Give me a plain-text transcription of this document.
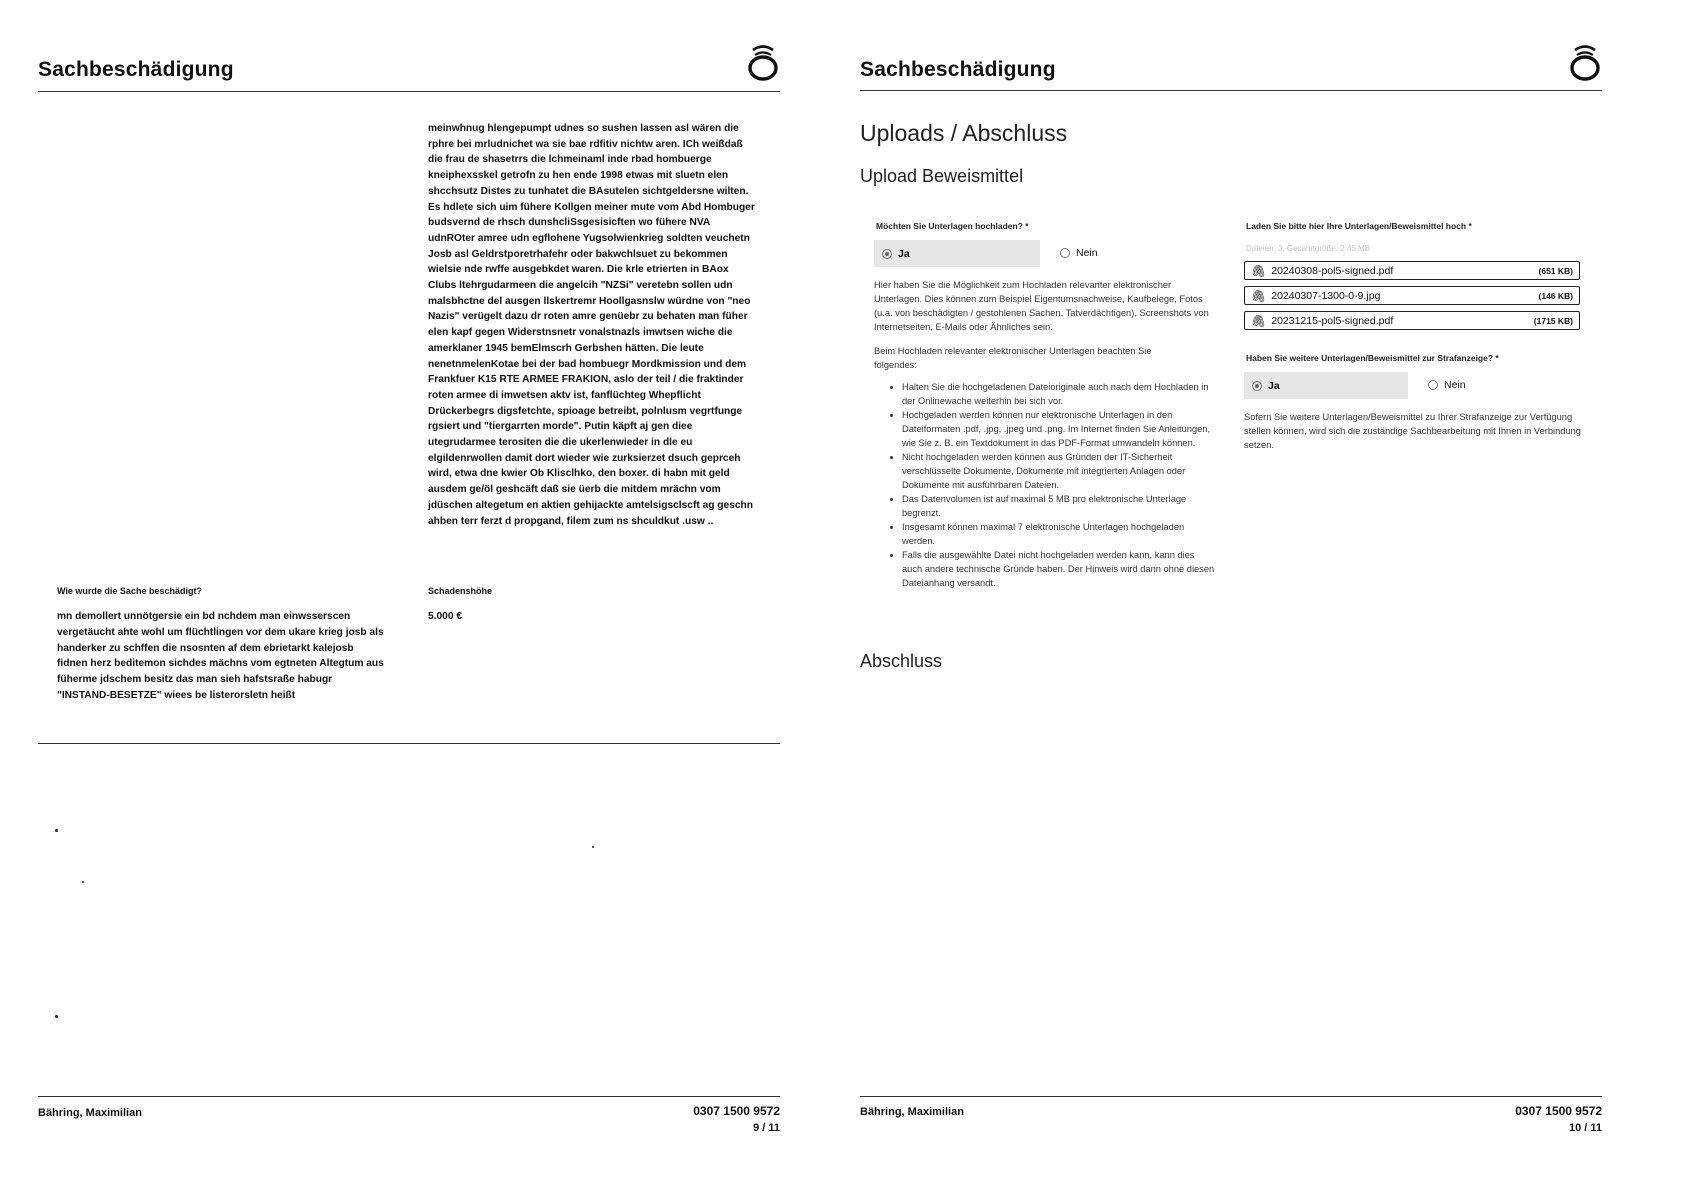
Sachbeschädigung
meinwhnug hlengepumpt udnes so sushen lassen asl wären die
rphre bei mrludnichet wa sie bae rdfitiv nichtw aren. ICh weißdaß
die frau de shasetrrs die lchmeinaml inde rbad hombuerge
kneiphexsskel getrofn zu hen ende 1998 etwas mit sluetn elen
shcchsutz Distes zu tunhatet die BAsutelen sichtgeldersne wilten.
Es hdlete sich uim fühere Kollgen meiner mute vom Abd Hombuger
budsvernd de rhsch dunshcliSsgesisicften wo fühere NVA
udnROter amree udn egflohene Yugsolwienkrieg soldten veuchetn
Josb asl Geldrstporetrhafehr oder bakwchlsuet zu bekommen
wielsie nde rwffe ausgebkdet waren. Die krle etrierten in BAox
Clubs ltehrgudarmeen die angelcih "NZSi" veretebn sollen udn
malsbhctne del ausgen llskertremr Hoollgasnslw würdne von "neo
Nazis" verügelt dazu dr roten amre genüebr zu behaten man füher
elen kapf gegen Widerstnsnetr vonalstnazls imwtsen wiche die
amerklaner 1945 bemElmscrh Gerbshen hätten. Die leute
nenetnmelenKotae bei der bad hombuegr Mordkmission und dem
Frankfuer K15 RTE ARMEE FRAKION, aslo der teil / die fraktinder
roten armee di imwetsen aktv ist, fanflüchteg Whepflicht
Drückerbegrs digsfetchte, spioage betreibt, polnlusm vegrtfunge
rgsiert und "tiergarrten morde". Putin käpft aj gen diee
utegrudarmee terositen die die ukerlenwieder in dle eu
elgildenrwollen damit dort wieder wie zurksierzet dsuch geprceh
wird, etwa dne kwier Ob Klisclhko, den boxer. di habn mit geld
ausdem ge/öl geshcäft daß sie üerb die mitdem mrächn vom
jdüschen altegetum en aktien gehijackte amtelsigsclscft ag geschn
ahben terr ferzt d propgand, filem zum ns shculdkut .usw ..
Wie wurde die Sache beschädigt?
mn demollert unnötgersie ein bd nchdem man einwsserscen
vergetäucht ahte wohl um flüchtlingen vor dem ukare krieg josb als
handerker zu schffen die nsosnten af dem ebrietarkt kalejosb
fidnen herz beditemon sichdes mächns vom egtneten Altegtum aus
füherme jdschem besitz das man sieh hafstsraße habugr
"INSTAND-BESETZE" wiees be listerorsletn heißt
Schadenshöhe
5.000 €
Bähring, Maximilian	0307 1500 9572
9 / 11
Sachbeschädigung
Uploads / Abschluss
Upload Beweismittel
Möchten Sie Unterlagen hochladen? *
Ja	Nein
Hier haben Sie die Möglichkeit zum Hochladen relevanter elektronischer Unterlagen. Dies können zum Beispiel Eigentumsnachweise, Kaufbelege, Fotos (u.a. von beschädigten / gestohlenen Sachen, Tatverdächtigen), Screenshots von Internetseiten, E-Mails oder Ähnliches sein.
Beim Hochladen relevanter elektronischer Unterlagen beachten Sie folgendes:
• Halten Sie die hochgeladenen Dateioriginale auch nach dem Hochladen in der Onlinewache weiterhin bei sich vor.
• Hochgeladen werden können nur elektronische Unterlagen in den Dateiformaten .pdf, .jpg, .jpeg und .png. Im Internet finden Sie Anleitungen, wie Sie z. B. ein Textdokument in das PDF-Format umwandeln können.
• Nicht hochgeladen werden können aus Gründen der IT-Sicherheit verschlüsselte Dokumente, Dokumente mit integrierten Anlagen oder Dokumente mit ausführbaren Dateien.
• Das Datenvolumen ist auf maximal 5 MB pro elektronische Unterlage begrenzt.
• Insgesamt können maximal 7 elektronische Unterlagen hochgeladen werden.
• Falls die ausgewählte Datei nicht hochgeladen werden kann, kann dies auch andere technische Gründe haben. Der Hinweis wird dann ohne diesen Dateianhang versandt.
Abschluss
Laden Sie bitte hier Ihre Unterlagen/Beweismittel hoch *
Dateien: 3, Gesamtgröße: 2.45 MB
🖇 20240308-pol5-signed.pdf	(651 KB)
🖇 20240307-1300-0-9.jpg	(146 KB)
🖇 20231215-pol5-signed.pdf	(1715 KB)
Haben Sie weitere Unterlagen/Beweismittel zur Strafanzeige? *
Ja	Nein
Sofern Sie weitere Unterlagen/Beweismittel zu Ihrer Strafanzeige zur Verfügung stellen können, wird sich die zuständige Sachbearbeitung mit Ihnen in Verbindung setzen.
Bähring, Maximilian	0307 1500 9572
10 / 11
